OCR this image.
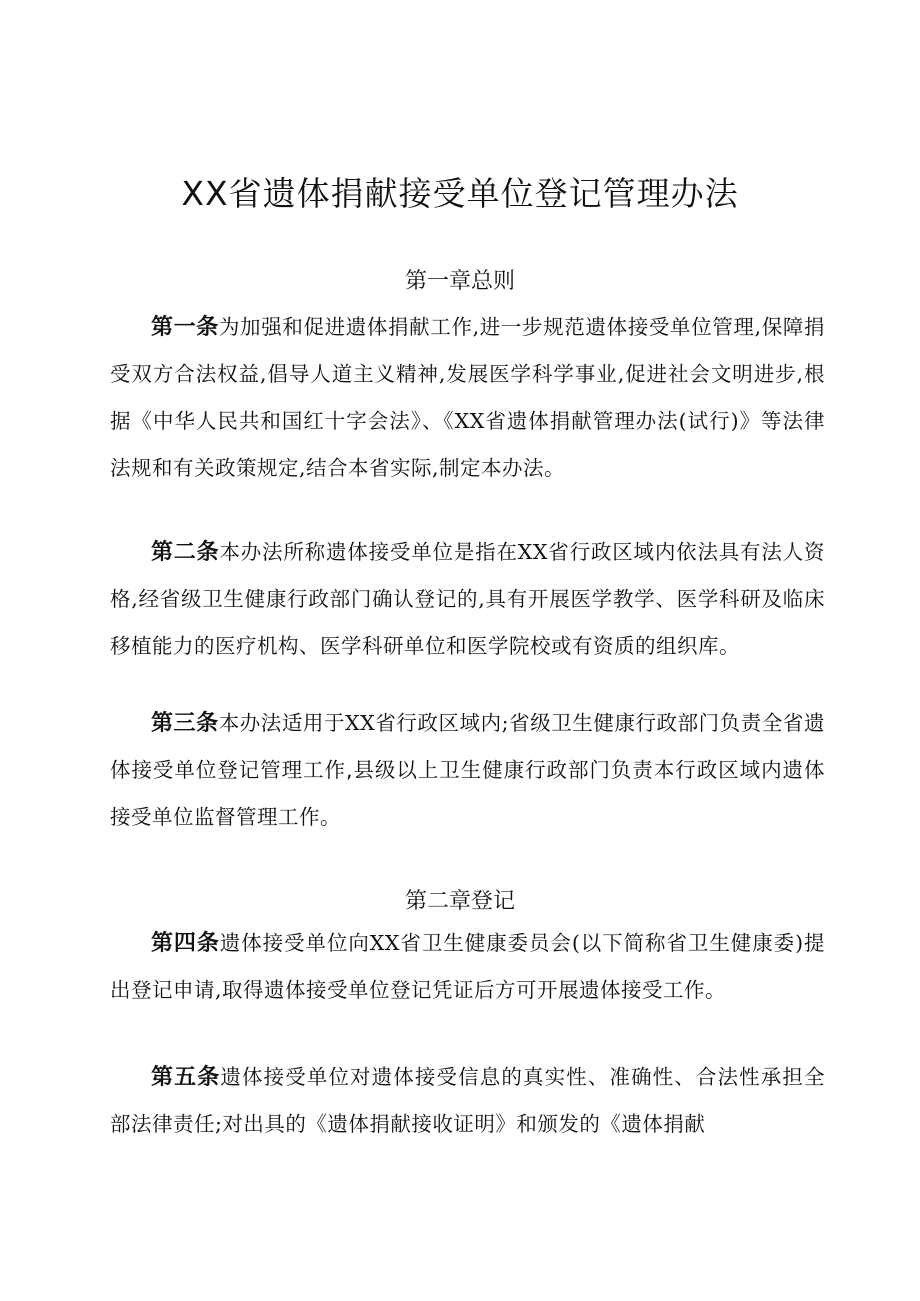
XX省遗体捐献接受单位登记管理办法
第一章总则
第一条为加强和促进遗体捐献工作,进一步规范遗体接受单位管理,保障捐受双方合法权益,倡导人道主义精神,发展医学科学事业,促进社会文明进步,根据《中华人民共和国红十字会法》、《XX省遗体捐献管理办法(试行)》等法律法规和有关政策规定,结合本省实际,制定本办法。
第二条本办法所称遗体接受单位是指在XX省行政区域内依法具有法人资格,经省级卫生健康行政部门确认登记的,具有开展医学教学、医学科研及临床移植能力的医疗机构、医学科研单位和医学院校或有资质的组织库。
第三条本办法适用于XX省行政区域内;省级卫生健康行政部门负责全省遗体接受单位登记管理工作,县级以上卫生健康行政部门负责本行政区域内遗体接受单位监督管理工作。
第二章登记
第四条遗体接受单位向XX省卫生健康委员会(以下简称省卫生健康委)提出登记申请,取得遗体接受单位登记凭证后方可开展遗体接受工作。
第五条遗体接受单位对遗体接受信息的真实性、准确性、合法性承担全部法律责任;对出具的《遗体捐献接收证明》和颁发的《遗体捐献
